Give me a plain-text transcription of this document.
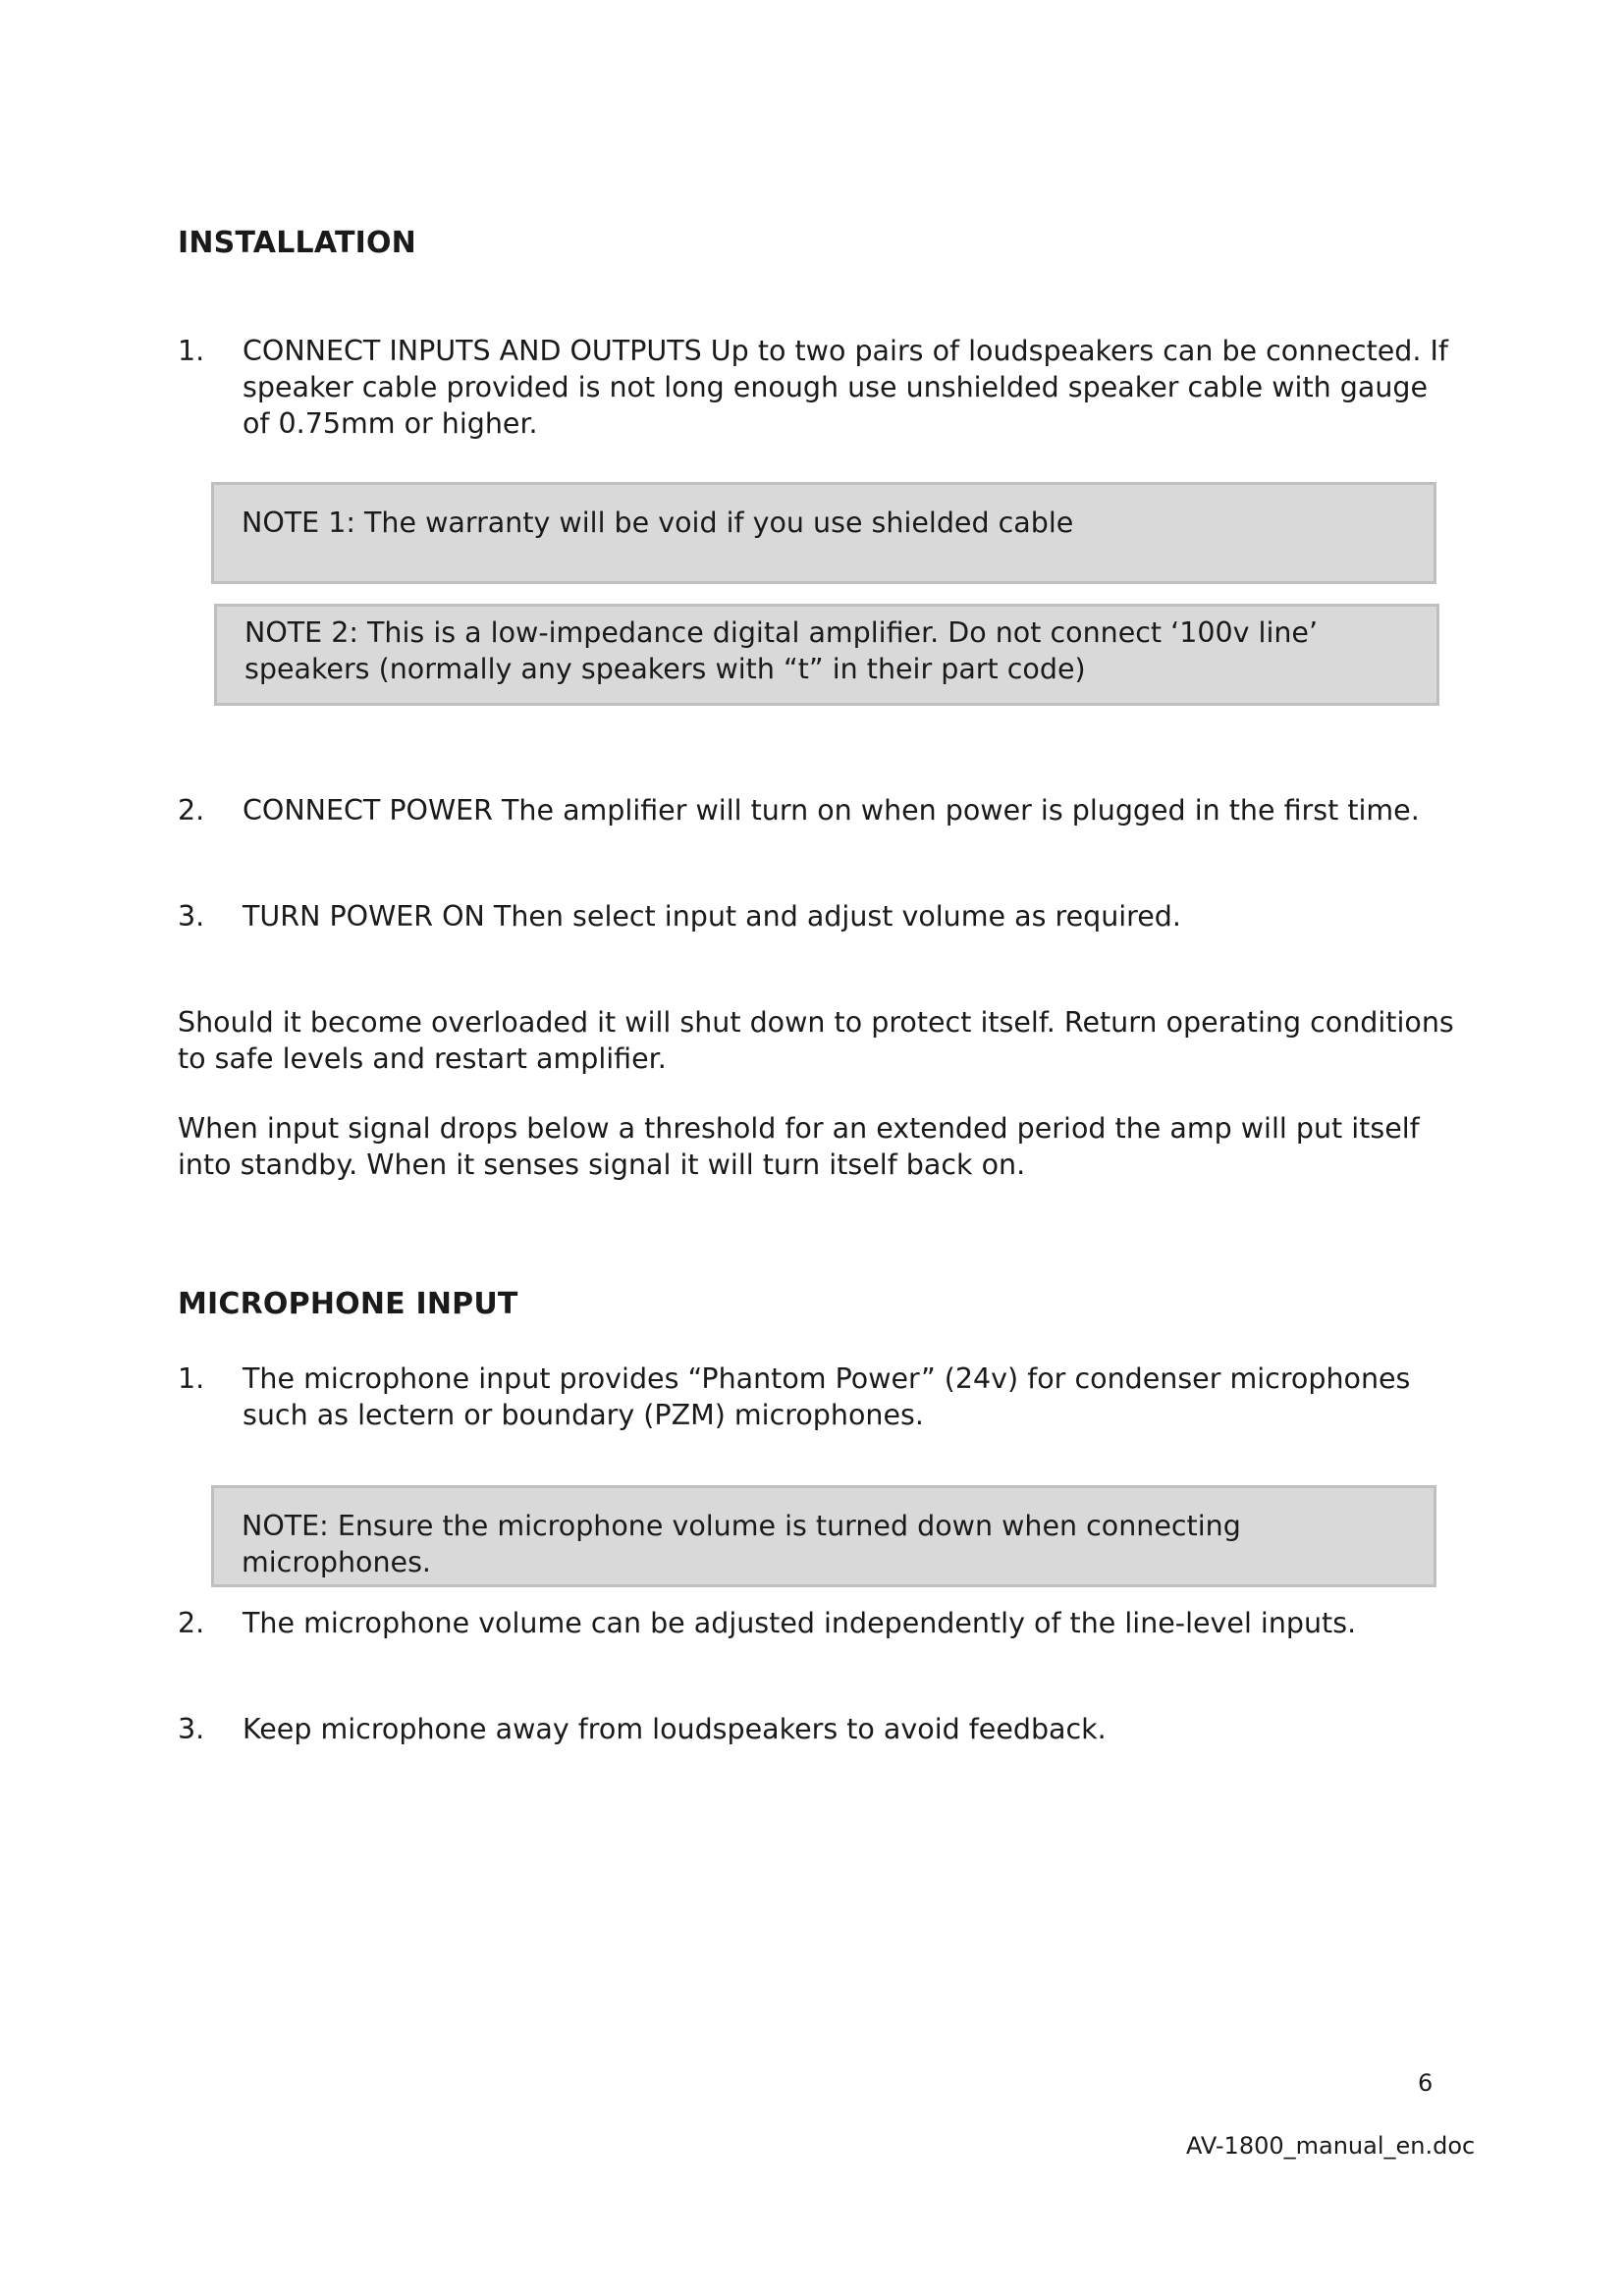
INSTALLATION
1. CONNECT INPUTS AND OUTPUTS Up to two pairs of loudspeakers can be connected. If speaker cable provided is not long enough use unshielded speaker cable with gauge of 0.75mm or higher.
NOTE 1: The warranty will be void if you use shielded cable
NOTE 2: This is a low-impedance digital amplifier. Do not connect ‘100v line’ speakers (normally any speakers with “t” in their part code)
2. CONNECT POWER The amplifier will turn on when power is plugged in the first time.
3. TURN POWER ON Then select input and adjust volume as required.
Should it become overloaded it will shut down to protect itself. Return operating conditions to safe levels and restart amplifier.
When input signal drops below a threshold for an extended period the amp will put itself into standby. When it senses signal it will turn itself back on.
MICROPHONE INPUT
1. The microphone input provides “Phantom Power” (24v) for condenser microphones such as lectern or boundary (PZM) microphones.
NOTE: Ensure the microphone volume is turned down when connecting microphones.
2. The microphone volume can be adjusted independently of the line-level inputs.
3. Keep microphone away from loudspeakers to avoid feedback.
6
AV-1800_manual_en.doc
